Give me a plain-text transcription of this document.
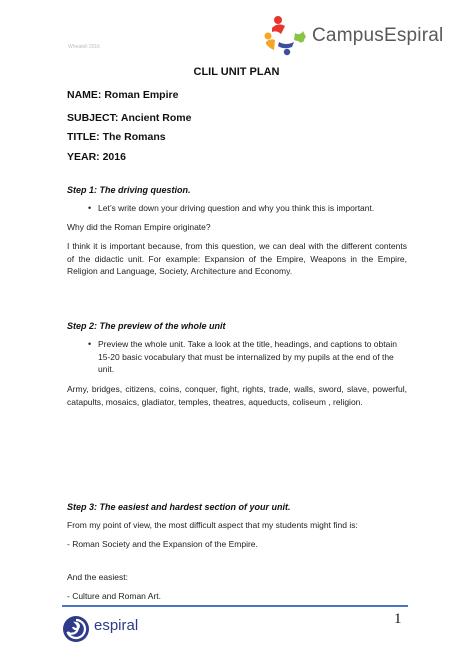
Wheatell 2016
CampusEspiral
CLIL UNIT PLAN
NAME: Roman Empire
SUBJECT: Ancient Rome
TITLE: The Romans
YEAR: 2016
Step 1: The driving question.
• Let’s write down your driving question and why you think this is important.
Why did the Roman Empire originate?
I think it is important because, from this question, we can deal with the different contents of the didactic unit. For example: Expansion of the Empire, Weapons in the Empire, Religion and Language, Society, Architecture and Economy.
Step 2: The preview of the whole unit
• Preview the whole unit. Take a look at the title, headings, and captions to obtain 15-20 basic vocabulary that must be internalized by my pupils at the end of the unit.
Army, bridges, citizens, coins, conquer, fight, rights, trade, walls, sword, slave, powerful, catapults, mosaics, gladiator, temples, theatres, aqueducts, coliseum , religion.
Step 3: The easiest and hardest section of your unit.
From my point of view, the most difficult aspect that my students might find is:
- Roman Society and the Expansion of the Empire.
And the easiest:
- Culture and Roman Art.
espiral	1
